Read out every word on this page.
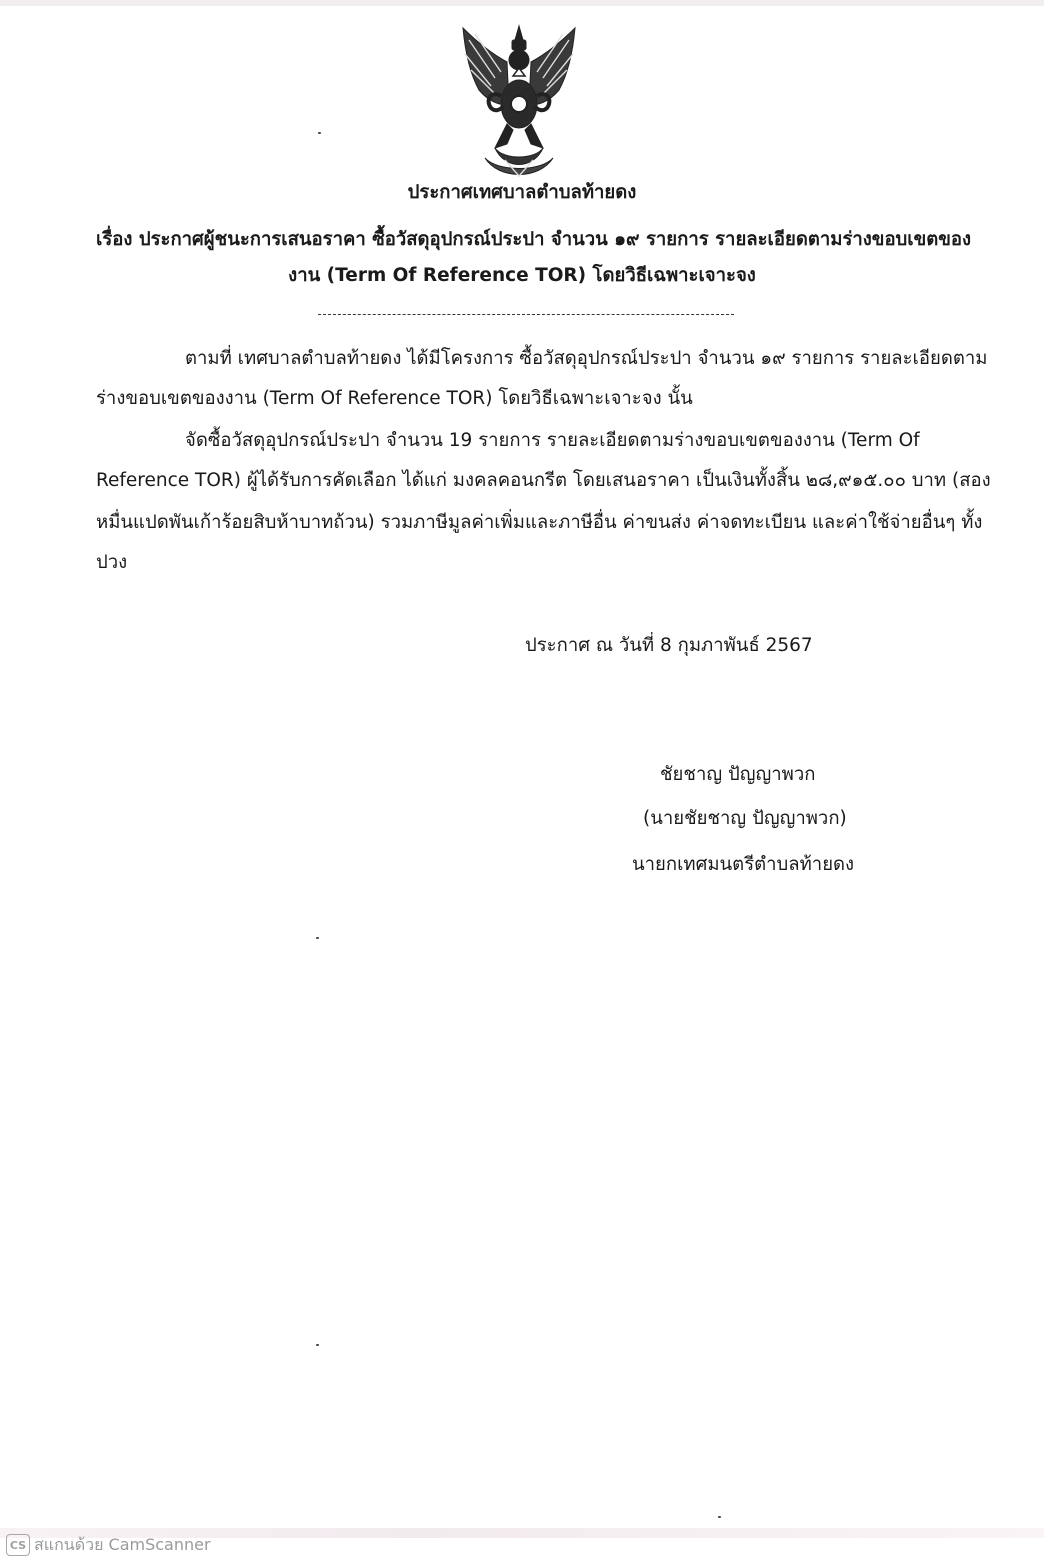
ประกาศเทศบาลตำบลท้ายดง
เรื่อง ประกาศผู้ชนะการเสนอราคา ซื้อวัสดุอุปกรณ์ประปา จำนวน ๑๙ รายการ รายละเอียดตามร่างขอบเขตของ
งาน (Term Of Reference TOR) โดยวิธีเฉพาะเจาะจง
ตามที่ เทศบาลตำบลท้ายดง ได้มีโครงการ ซื้อวัสดุอุปกรณ์ประปา จำนวน ๑๙ รายการ รายละเอียดตาม
ร่างขอบเขตของงาน (Term Of Reference TOR) โดยวิธีเฉพาะเจาะจง นั้น
จัดซื้อวัสดุอุปกรณ์ประปา จำนวน 19 รายการ รายละเอียดตามร่างขอบเขตของงาน (Term Of
Reference TOR) ผู้ได้รับการคัดเลือก ได้แก่ มงคลคอนกรีต โดยเสนอราคา เป็นเงินทั้งสิ้น ๒๘,๙๑๕.๐๐ บาท (สอง
หมื่นแปดพันเก้าร้อยสิบห้าบาทถ้วน) รวมภาษีมูลค่าเพิ่มและภาษีอื่น ค่าขนส่ง ค่าจดทะเบียน และค่าใช้จ่ายอื่นๆ ทั้ง
ปวง
ประกาศ ณ วันที่ 8 กุมภาพันธ์ 2567
ชัยชาญ ปัญญาพวก
(นายชัยชาญ ปัญญาพวก)
นายกเทศมนตรีตำบลท้ายดง
CS สแกนด้วย CamScanner
